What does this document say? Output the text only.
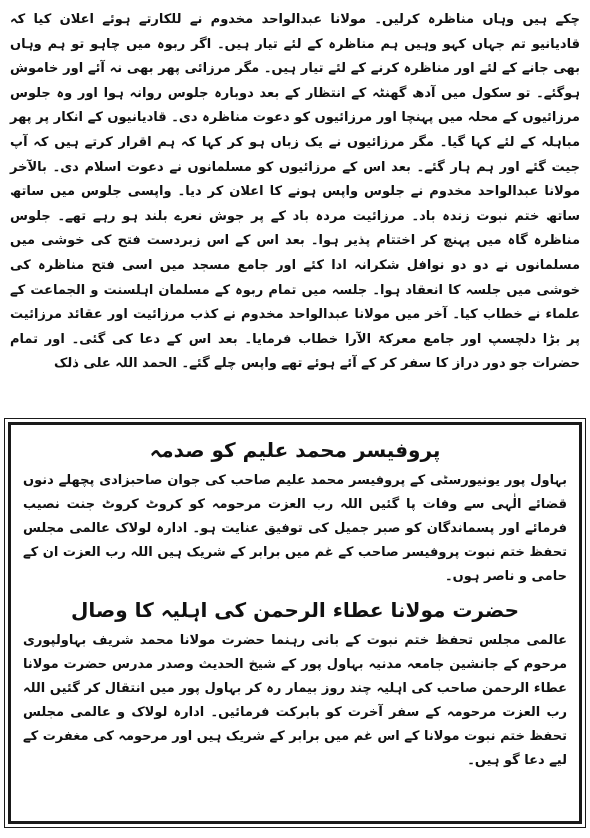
چکے ہیں وہاں مناظرہ کرلیں۔ مولانا عبدالواحد مخدوم نے للکارتے ہوئے اعلان کیا کہ قادیانیو تم جہاں کہو وہیں ہم مناظرہ کے لئے تیار ہیں۔ اگر ربوہ میں چاہو تو ہم وہاں بھی جانے کے لئے اور مناظرہ کرنے کے لئے تیار ہیں۔ مگر مرزائی پھر بھی نہ آئے اور خاموش ہوگئے۔ تو سکول میں آدھ گھنٹہ کے انتظار کے بعد دوبارہ جلوس روانہ ہوا اور وہ جلوس مرزائیوں کے محلہ میں پہنچا اور مرزائیوں کو دعوت مناظرہ دی۔ قادیانیوں کے انکار پر پھر مباہلہ کے لئے کہا گیا۔ مگر مرزائیوں نے یک زباں ہو کر کہا کہ ہم اقرار کرتے ہیں کہ آپ جیت گئے اور ہم ہار گئے۔ بعد اس کے مرزائیوں کو مسلمانوں نے دعوت اسلام دی۔ بالآخر مولانا عبدالواحد مخدوم نے جلوس واپس ہونے کا اعلان کر دیا۔ واپسی جلوس میں ساتھ ساتھ ختم نبوت زندہ باد۔ مرزائیت مردہ باد کے پر جوش نعرے بلند ہو رہے تھے۔ جلوس مناظرہ گاہ میں پہنچ کر اختتام پذیر ہوا۔ بعد اس کے اس زبردست فتح کی خوشی میں مسلمانوں نے دو دو نوافل شکرانہ ادا کئے اور جامع مسجد میں اسی فتح مناظرہ کی خوشی میں جلسہ کا انعقاد ہوا۔ جلسہ میں تمام ربوہ کے مسلمان اہلسنت و الجماعت کے علماء نے خطاب کیا۔ آخر میں مولانا عبدالواحد مخدوم نے کذب مرزائیت اور عقائد مرزائیت پر بڑا دلچسپ اور جامع معرکۃ الآرا خطاب فرمایا۔ بعد اس کے دعا کی گئی۔ اور تمام حضرات جو دور دراز کا سفر کر کے آئے ہوئے تھے واپس چلے گئے۔ الحمد اللہ علی ذلک

پروفیسر محمد علیم کو صدمہ

بہاول پور یونیورسٹی کے پروفیسر محمد علیم صاحب کی جوان صاحبزادی پچھلے دنوں قضائے الٰہی سے وفات پا گئیں اللہ رب العزت مرحومہ کو کروٹ کروٹ جنت نصیب فرمائے اور پسماندگان کو صبر جمیل کی توفیق عنایت ہو۔ ادارہ لولاک عالمی مجلس تحفظ ختم نبوت پروفیسر صاحب کے غم میں برابر کے شریک ہیں اللہ رب العزت ان کے حامی و ناصر ہوں۔

حضرت مولانا عطاء الرحمن کی اہلیہ کا وصال

عالمی مجلس تحفظ ختم نبوت کے بانی رہنما حضرت مولانا محمد شریف بہاولپوری مرحوم کے جانشین جامعہ مدنیہ بہاول پور کے شیخ الحدیث وصدر مدرس حضرت مولانا عطاء الرحمن صاحب کی اہلیہ چند روز بیمار رہ کر بہاول پور میں انتقال کر گئیں اللہ رب العزت مرحومہ کے سفر آخرت کو بابرکت فرمائیں۔ ادارہ لولاک و عالمی مجلس تحفظ ختم نبوت مولانا کے اس غم میں برابر کے شریک ہیں اور مرحومہ کی مغفرت کے لیے دعا گو ہیں۔
